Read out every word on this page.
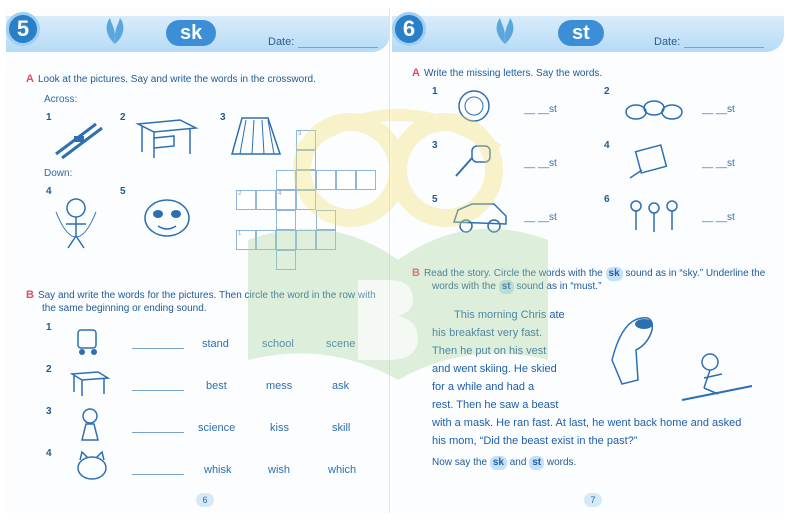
5	sk	Date:
A Look at the pictures. Say and write the words in the crossword.
Across:
1	2	3
Down:
4	5
3
2	4
1
B Say and write the words for the pictures. Then circle the word in the row with
the same beginning or ending sound.
1
stand	school	scene
2
best	mess	ask
3
science	kiss	skill
4
whisk	wish	which
6
6	st	Date:
A Write the missing letters. Say the words.
1
__ __st
2
__ __st
3
__ __st
4
__ __st
5
__ __st
6
__ __st
B Read the story. Circle the words with the sk sound as in “sky.” Underline the
words with the st sound as in “must.”
This morning Chris ate
his breakfast very fast.
Then he put on his vest
and went skiing. He skied
for a while and had a
rest. Then he saw a beast
with a mask. He ran fast. At last, he went back home and asked
his mom, “Did the beast exist in the past?”
Now say the sk and st words.
7
